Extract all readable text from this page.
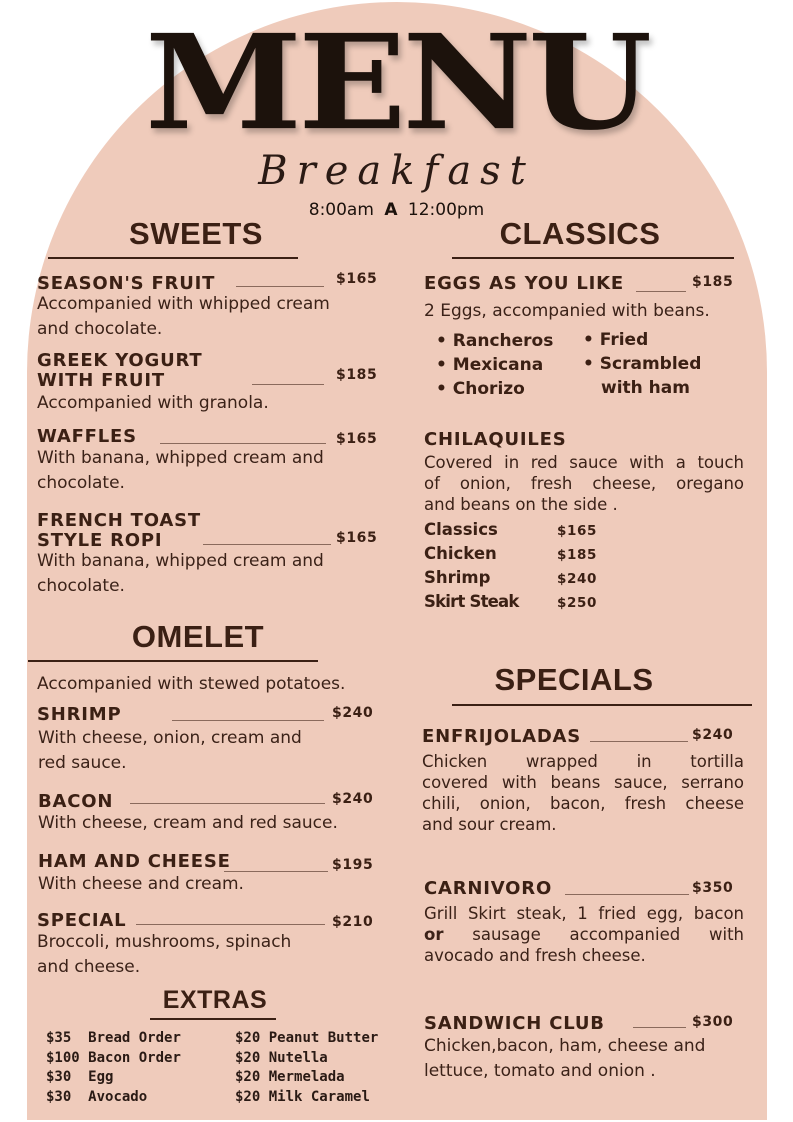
MENU
Breakfast
8:00am A 12:00pm
SWEETS
SEASON'S FRUIT	$165
Accompanied with whipped cream
and chocolate.
GREEK YOGURT
WITH FRUIT	$185
Accompanied with granola.
WAFFLES	$165
With banana, whipped cream and
chocolate.
FRENCH TOAST
STYLE ROPI	$165
With banana, whipped cream and
chocolate.
OMELET
Accompanied with stewed potatoes.
SHRIMP	$240
With cheese, onion, cream and
red sauce.
BACON	$240
With cheese, cream and red sauce.
HAM AND CHEESE	$195
With cheese and cream.
SPECIAL	$210
Broccoli, mushrooms, spinach
and cheese.
EXTRAS
$35  Bread Order
$100 Bacon Order
$30  Egg
$30  Avocado
$20 Peanut Butter
$20 Nutella
$20 Mermelada
$20 Milk Caramel
CLASSICS
EGGS AS YOU LIKE	$185
2 Eggs, accompanied with beans.
• Rancheros
• Mexicana
• Chorizo
• Fried
• Scrambled
with ham
CHILAQUILES
Covered in red sauce with a touch
of onion, fresh cheese, oregano
and beans on the side .
Classics	$165
Chicken	$185
Shrimp	$240
Skirt Steak	$250
SPECIALS
ENFRIJOLADAS	$240
Chicken wrapped in tortilla
covered with beans sauce, serrano
chili, onion, bacon, fresh cheese
and sour cream.
CARNIVORO	$350
Grill Skirt steak, 1 fried egg, bacon
or sausage accompanied with
avocado and fresh cheese.
SANDWICH CLUB	$300
Chicken,bacon, ham, cheese and
lettuce, tomato and onion .
